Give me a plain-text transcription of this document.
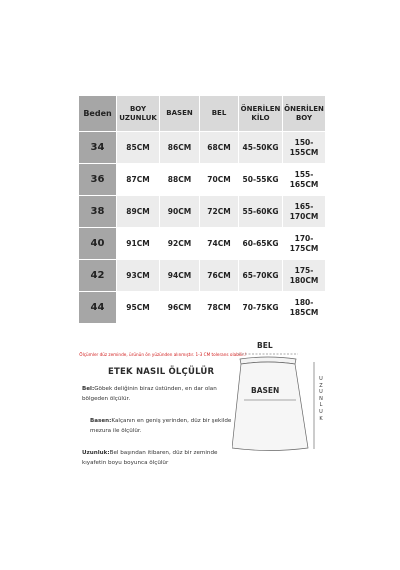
Beden	BOY UZUNLUK	BASEN	BEL	ÖNERİLEN KİLO	ÖNERİLEN BOY
34	85CM	86CM	68CM	45-50KG	150-155CM
36	87CM	88CM	70CM	50-55KG	155-165CM
38	89CM	90CM	72CM	55-60KG	165-170CM
40	91CM	92CM	74CM	60-65KG	170-175CM
42	93CM	94CM	76CM	65-70KG	175-180CM
44	95CM	96CM	78CM	70-75KG	180-185CM
Ölçümler düz zeminde, ürünün ön yüzünden alınmıştır. 1-3 CM tolerans olabilir.!
ETEK NASIL ÖLÇÜLÜR
Bel:Göbek deliğinin biraz üstünden, en dar olan bölgeden ölçülür.
Basen:Kalçanın en geniş yerinden, düz bir şekilde mezura ile ölçülür.
Uzunluk:Bel başından itibaren, düz bir zeminde kıyafetin boyu boyunca ölçülür
BEL
BASEN
U
Z
U
N
L
U
K
